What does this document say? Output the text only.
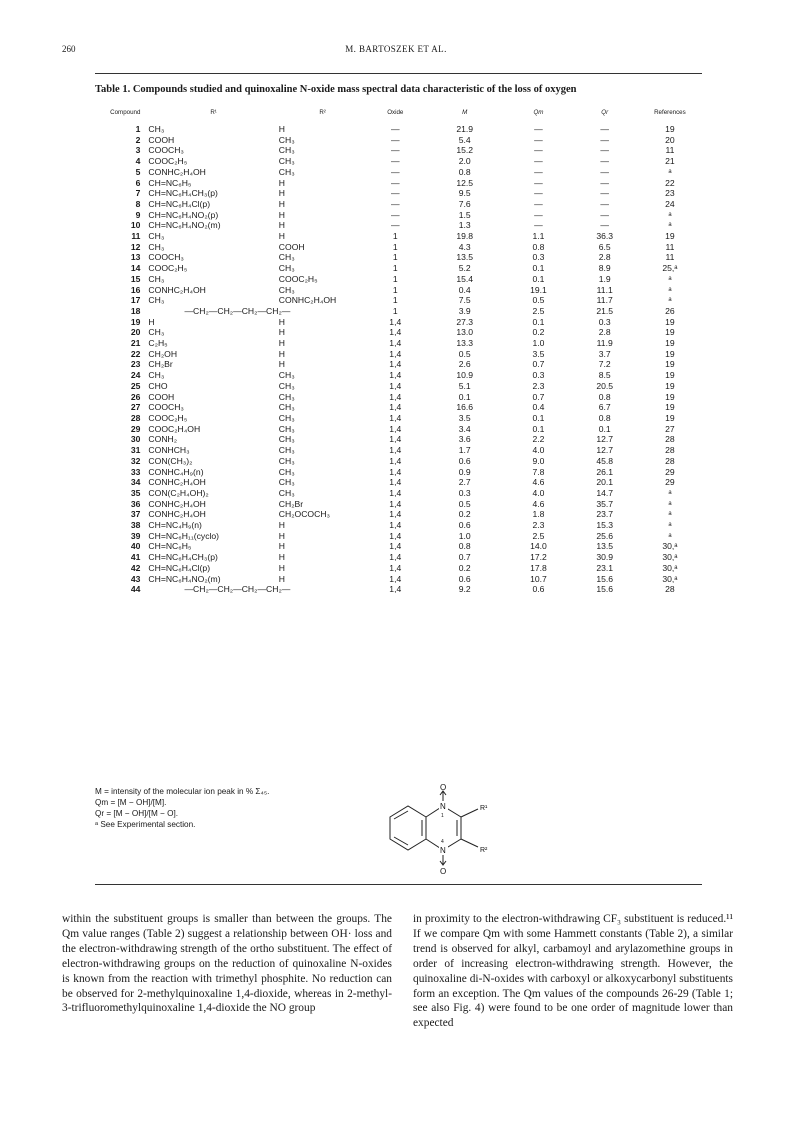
260	M. BARTOSZEK ET AL.
Table 1. Compounds studied and quinoxaline N-oxide mass spectral data characteristic of the loss of oxygen
Compound	R¹	R²	Oxide	M	Qm	Qr	References
1	CH₃	H	—	21.9	—	—	19
2	COOH	CH₃	—	5.4	—	—	20
3	COOCH₃	CH₃	—	15.2	—	—	11
4	COOC₂H₅	CH₃	—	2.0	—	—	21
5	CONHC₂H₄OH	CH₃	—	0.8	—	—	ᵃ
6	CH=NC₆H₅	H	—	12.5	—	—	22
7	CH=NC₆H₄CH₃(p)	H	—	9.5	—	—	23
8	CH=NC₆H₄Cl(p)	H	—	7.6	—	—	24
9	CH=NC₆H₄NO₂(p)	H	—	1.5	—	—	ᵃ
10	CH=NC₆H₄NO₂(m)	H	—	1.3	—	—	ᵃ
11	CH₃	H	1	19.8	1.1	36.3	19
12	CH₃	COOH	1	4.3	0.8	6.5	11
13	COOCH₃	CH₃	1	13.5	0.3	2.8	11
14	COOC₂H₅	CH₃	1	5.2	0.1	8.9	25,ᵃ
15	CH₃	COOC₂H₅	1	15.4	0.1	1.9	ᵃ
16	CONHC₂H₄OH	CH₃	1	0.4	19.1	11.1	ᵃ
17	CH₃	CONHC₂H₄OH	1	7.5	0.5	11.7	ᵃ
18	—CH₂—CH₂—CH₂—CH₂—		1	3.9	2.5	21.5	26
19	H	H	1,4	27.3	0.1	0.3	19
20	CH₃	H	1,4	13.0	0.2	2.8	19
21	C₂H₅	H	1,4	13.3	1.0	11.9	19
22	CH₂OH	H	1,4	0.5	3.5	3.7	19
23	CH₂Br	H	1,4	2.6	0.7	7.2	19
24	CH₃	CH₃	1,4	10.9	0.3	8.5	19
25	CHO	CH₃	1,4	5.1	2.3	20.5	19
26	COOH	CH₃	1,4	0.1	0.7	0.8	19
27	COOCH₃	CH₃	1,4	16.6	0.4	6.7	19
28	COOC₂H₅	CH₃	1,4	3.5	0.1	0.8	19
29	COOC₂H₄OH	CH₃	1,4	3.4	0.1	0.1	27
30	CONH₂	CH₃	1,4	3.6	2.2	12.7	28
31	CONHCH₃	CH₃	1,4	1.7	4.0	12.7	28
32	CON(CH₃)₂	CH₃	1,4	0.6	9.0	45.8	28
33	CONHC₄H₉(n)	CH₃	1,4	0.9	7.8	26.1	29
34	CONHC₂H₄OH	CH₃	1,4	2.7	4.6	20.1	29
35	CON(C₂H₄OH)₂	CH₃	1,4	0.3	4.0	14.7	ᵃ
36	CONHC₂H₄OH	CH₂Br	1,4	0.5	4.6	35.7	ᵃ
37	CONHC₂H₄OH	CH₂OCOCH₃	1,4	0.2	1.8	23.7	ᵃ
38	CH=NC₄H₉(n)	H	1,4	0.6	2.3	15.3	ᵃ
39	CH=NC₆H₁₁(cyclo)	H	1,4	1.0	2.5	25.6	ᵃ
40	CH=NC₆H₅	H	1,4	0.8	14.0	13.5	30,ᵃ
41	CH=NC₆H₄CH₃(p)	H	1,4	0.7	17.2	30.9	30,ᵃ
42	CH=NC₆H₄Cl(p)	H	1,4	0.2	17.8	23.1	30,ᵃ
43	CH=NC₆H₄NO₂(m)	H	1,4	0.6	10.7	15.6	30,ᵃ
44	—CH₂—CH₂—CH₂—CH₂—		1,4	9.2	0.6	15.6	28
M = intensity of the molecular ion peak in % Σ₄₅.
Qm = [M − OH]/[M].
Qr = [M − OH]/[M − O].
ᵃ See Experimental section.
O
N
1
4
N
O
R¹
R²

within the substituent groups is smaller than between the groups. The Qm value ranges (Table 2) suggest a relationship between OH· loss and the electron-withdrawing strength of the ortho substituent. The effect of electron-withdrawing groups on the reduction of quinoxaline N-oxides is known from the reaction with trimethyl phosphite. No reduction can be observed for 2-methylquinoxaline 1,4-dioxide, whereas in 2-methyl-3-trifluoromethylquinoxaline 1,4-dioxide the NO group

in proximity to the electron-withdrawing CF₃ substituent is reduced.¹¹ If we compare Qm with some Hammett constants (Table 2), a similar trend is observed for alkyl, carbamoyl and arylazomethine groups in order of increasing electron-withdrawing strength. However, the quinoxaline di-N-oxides with carboxyl or alkoxycarbonyl substituents form an exception. The Qm values of the compounds 26-29 (Table 1; see also Fig. 4) were found to be one order of magnitude lower than expected
